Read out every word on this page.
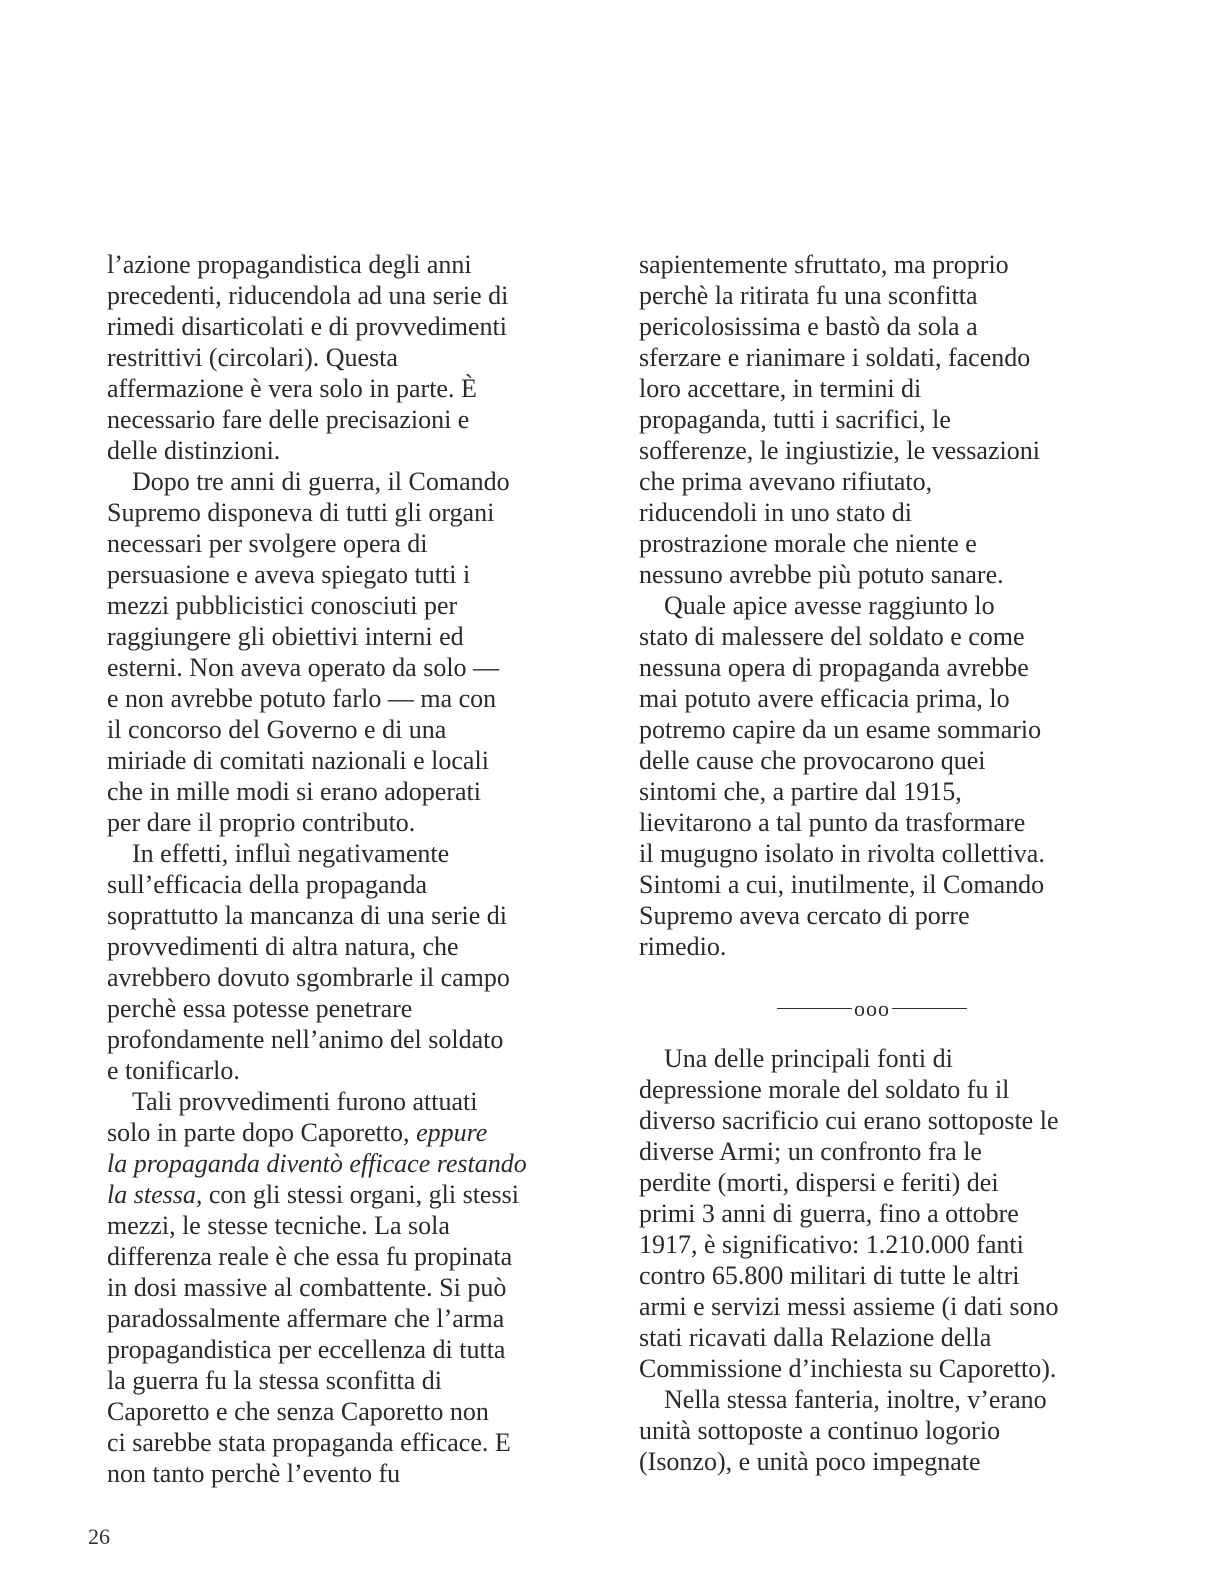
l’azione propagandistica degli anni
precedenti, riducendola ad una serie di
rimedi disarticolati e di provvedimenti
restrittivi (circolari). Questa
affermazione è vera solo in parte. È
necessario fare delle precisazioni e
delle distinzioni.
Dopo tre anni di guerra, il Comando
Supremo disponeva di tutti gli organi
necessari per svolgere opera di
persuasione e aveva spiegato tutti i
mezzi pubblicistici conosciuti per
raggiungere gli obiettivi interni ed
esterni. Non aveva operato da solo —
e non avrebbe potuto farlo — ma con
il concorso del Governo e di una
miriade di comitati nazionali e locali
che in mille modi si erano adoperati
per dare il proprio contributo.
In effetti, influì negativamente
sull’efficacia della propaganda
soprattutto la mancanza di una serie di
provvedimenti di altra natura, che
avrebbero dovuto sgombrarle il campo
perchè essa potesse penetrare
profondamente nell’animo del soldato
e tonificarlo.
Tali provvedimenti furono attuati
solo in parte dopo Caporetto, eppure
la propaganda diventò efficace restando
la stessa, con gli stessi organi, gli stessi
mezzi, le stesse tecniche. La sola
differenza reale è che essa fu propinata
in dosi massive al combattente. Si può
paradossalmente affermare che l’arma
propagandistica per eccellenza di tutta
la guerra fu la stessa sconfitta di
Caporetto e che senza Caporetto non
ci sarebbe stata propaganda efficace. E
non tanto perchè l’evento fu
sapientemente sfruttato, ma proprio
perchè la ritirata fu una sconfitta
pericolosissima e bastò da sola a
sferzare e rianimare i soldati, facendo
loro accettare, in termini di
propaganda, tutti i sacrifici, le
sofferenze, le ingiustizie, le vessazioni
che prima avevano rifiutato,
riducendoli in uno stato di
prostrazione morale che niente e
nessuno avrebbe più potuto sanare.
Quale apice avesse raggiunto lo
stato di malessere del soldato e come
nessuna opera di propaganda avrebbe
mai potuto avere efficacia prima, lo
potremo capire da un esame sommario
delle cause che provocarono quei
sintomi che, a partire dal 1915,
lievitarono a tal punto da trasformare
il mugugno isolato in rivolta collettiva.
Sintomi a cui, inutilmente, il Comando
Supremo aveva cercato di porre
rimedio.
ooo
Una delle principali fonti di
depressione morale del soldato fu il
diverso sacrificio cui erano sottoposte le
diverse Armi; un confronto fra le
perdite (morti, dispersi e feriti) dei
primi 3 anni di guerra, fino a ottobre
1917, è significativo: 1.210.000 fanti
contro 65.800 militari di tutte le altri
armi e servizi messi assieme (i dati sono
stati ricavati dalla Relazione della
Commissione d’inchiesta su Caporetto).
Nella stessa fanteria, inoltre, v’erano
unità sottoposte a continuo logorio
(Isonzo), e unità poco impegnate
26
